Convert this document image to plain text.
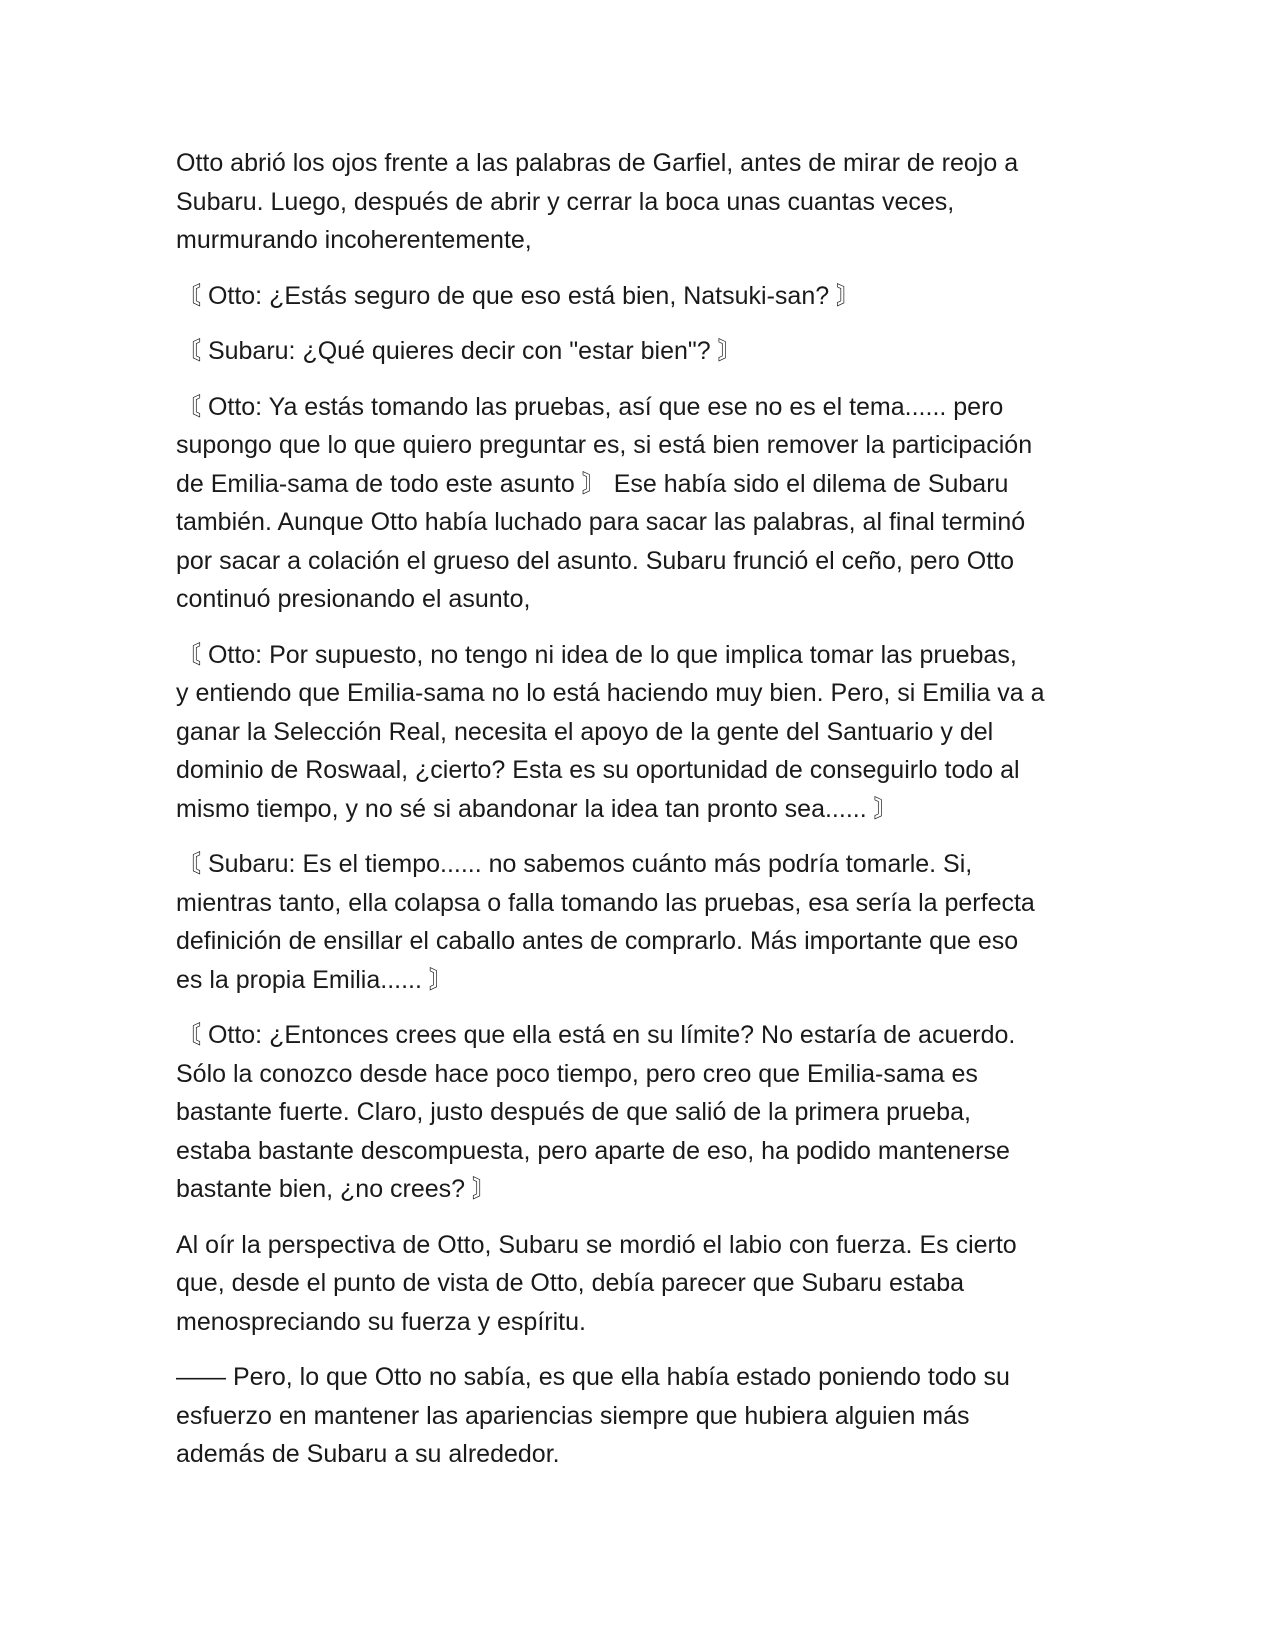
Otto abrió los ojos frente a las palabras de Garfiel, antes de mirar de reojo a
Subaru. Luego, después de abrir y cerrar la boca unas cuantas veces,
murmurando incoherentemente,

〘 Otto: ¿Estás seguro de que eso está bien, Natsuki-san? 〙

〘 Subaru: ¿Qué quieres decir con "estar bien"? 〙

〘 Otto: Ya estás tomando las pruebas, así que ese no es el tema...... pero
supongo que lo que quiero preguntar es, si está bien remover la participación
de Emilia-sama de todo este asunto 〙 Ese había sido el dilema de Subaru
también. Aunque Otto había luchado para sacar las palabras, al final terminó
por sacar a colación el grueso del asunto. Subaru frunció el ceño, pero Otto
continuó presionando el asunto,

〘 Otto: Por supuesto, no tengo ni idea de lo que implica tomar las pruebas,
y entiendo que Emilia-sama no lo está haciendo muy bien. Pero, si Emilia va a
ganar la Selección Real, necesita el apoyo de la gente del Santuario y del
dominio de Roswaal, ¿cierto? Esta es su oportunidad de conseguirlo todo al
mismo tiempo, y no sé si abandonar la idea tan pronto sea...... 〙

〘 Subaru: Es el tiempo...... no sabemos cuánto más podría tomarle. Si,
mientras tanto, ella colapsa o falla tomando las pruebas, esa sería la perfecta
definición de ensillar el caballo antes de comprarlo. Más importante que eso
es la propia Emilia...... 〙

〘 Otto: ¿Entonces crees que ella está en su límite? No estaría de acuerdo.
Sólo la conozco desde hace poco tiempo, pero creo que Emilia-sama es
bastante fuerte. Claro, justo después de que salió de la primera prueba,
estaba bastante descompuesta, pero aparte de eso, ha podido mantenerse
bastante bien, ¿no crees? 〙

Al oír la perspectiva de Otto, Subaru se mordió el labio con fuerza. Es cierto
que, desde el punto de vista de Otto, debía parecer que Subaru estaba
menospreciando su fuerza y espíritu.

—— Pero, lo que Otto no sabía, es que ella había estado poniendo todo su
esfuerzo en mantener las apariencias siempre que hubiera alguien más
además de Subaru a su alrededor.
